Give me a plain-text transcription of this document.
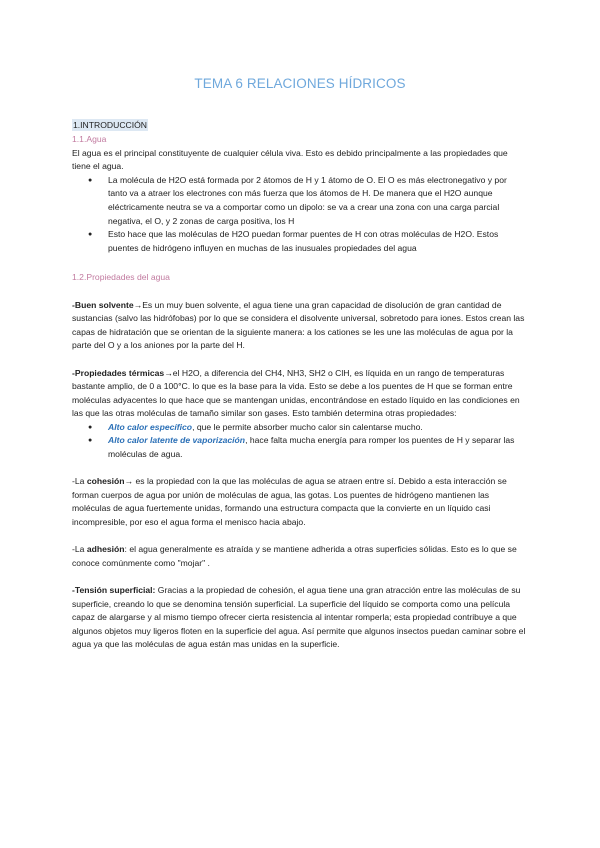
TEMA 6 RELACIONES HÍDRICOS
1.INTRODUCCIÓN
1.1.Agua

El agua es el principal constituyente de cualquier célula viva. Esto es debido principalmente a las propiedades que tiene el agua.

● La molécula de H2O está formada por 2 átomos de H y 1 átomo de O. El O es más electronegativo y por tanto va a atraer los electrones con más fuerza que los átomos de H. De manera que el H2O aunque eléctricamente neutra se va a comportar como un dipolo: se va a crear una zona con una carga parcial negativa, el O, y 2 zonas de carga positiva, los H
● Esto hace que las moléculas de H2O puedan formar puentes de H con otras moléculas de H2O. Estos puentes de hidrógeno influyen en muchas de las inusuales propiedades del agua
1.2.Propiedades del agua

-Buen solvente→Es un muy buen solvente, el agua tiene una gran capacidad de disolución de gran cantidad de sustancias (salvo las hidrófobas) por lo que se considera el disolvente universal, sobretodo para iones. Estos crean las capas de hidratación que se orientan de la siguiente manera: a los cationes se les une las moléculas de agua por la parte del O y a los aniones por la parte del H.

-Propiedades térmicas→el H2O, a diferencia del CH4, NH3, SH2 o ClH, es líquida en un rango de temperaturas bastante amplio, de 0 a 100°C. lo que es la base para la vida. Esto se debe a los puentes de H que se forman entre moléculas adyacentes lo que hace que se mantengan unidas, encontrándose en estado líquido en las condiciones en las que las otras moléculas de tamaño similar son gases. Esto también determina otras propiedades:

● Alto calor específico, que le permite absorber mucho calor sin calentarse mucho.
● Alto calor latente de vaporización, hace falta mucha energía para romper los puentes de H y separar las moléculas de agua.

-La cohesión→ es la propiedad con la que las moléculas de agua se atraen entre sí. Debido a esta interacción se forman cuerpos de agua por unión de moléculas de agua, las gotas. Los puentes de hidrógeno mantienen las moléculas de agua fuertemente unidas, formando una estructura compacta que la convierte en un líquido casi incompresible, por eso el agua forma el menisco hacia abajo.

-La adhesión: el agua generalmente es atraída y se mantiene adherida a otras superficies sólidas. Esto es lo que se conoce comúnmente como "mojar" .

-Tensión superficial: Gracias a la propiedad de cohesión, el agua tiene una gran atracción entre las moléculas de su superficie, creando lo que se denomina tensión superficial. La superficie del líquido se comporta como una película capaz de alargarse y al mismo tiempo ofrecer cierta resistencia al intentar romperla; esta propiedad contribuye a que algunos objetos muy ligeros floten en la superficie del agua. Así permite que algunos insectos puedan caminar sobre el agua ya que las moléculas de agua están mas unidas en la superficie.
